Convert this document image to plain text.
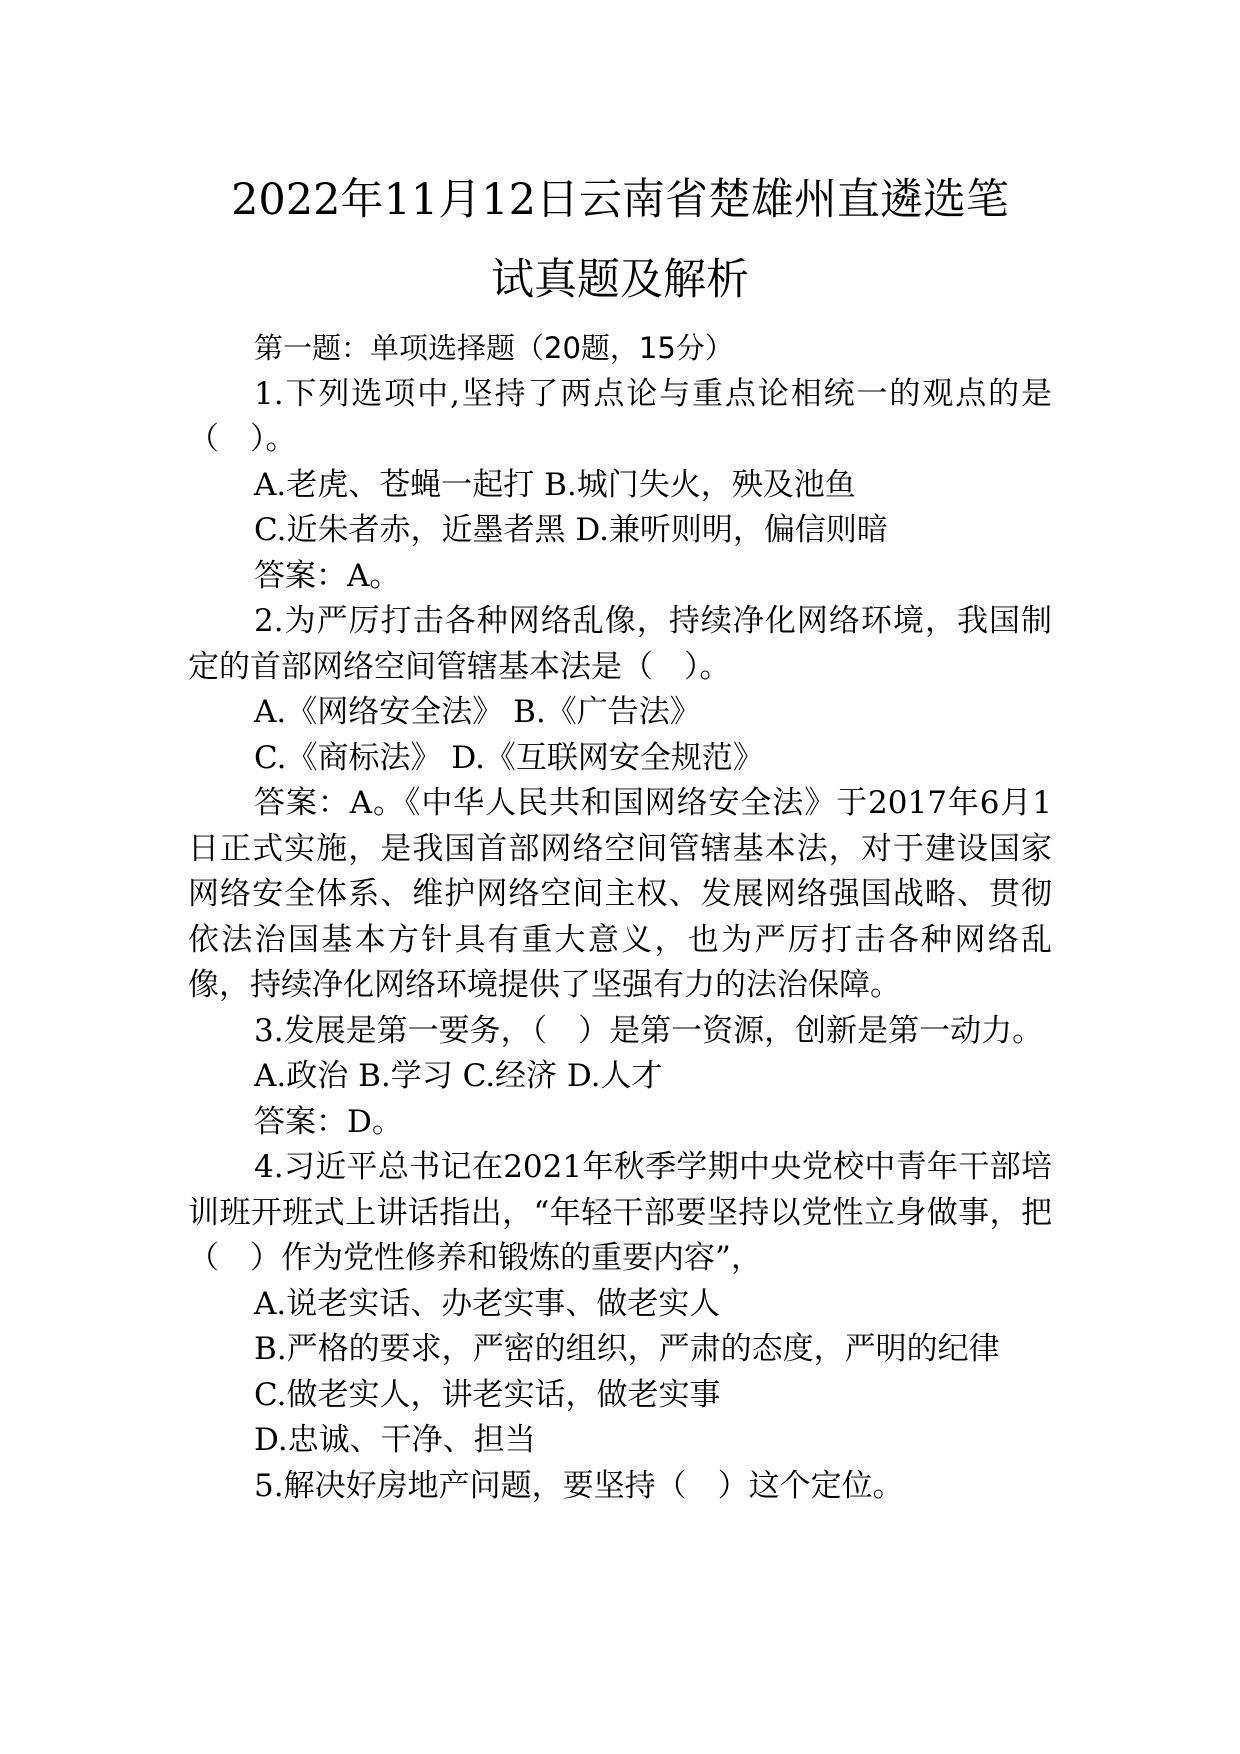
2022年11月12日云南省楚雄州直遴选笔
试真题及解析

第一题：单项选择题（20题，15分）

1.下列选项中,坚持了两点论与重点论相统一的观点的是（　）。

A.老虎、苍蝇一起打 B.城门失火，殃及池鱼

C.近朱者赤，近墨者黑 D.兼听则明，偏信则暗

答案：A。

2.为严厉打击各种网络乱像，持续净化网络环境，我国制定的首部网络空间管辖基本法是（　）。

A.《网络安全法》 B.《广告法》

C.《商标法》 D.《互联网安全规范》

答案：A。《中华人民共和国网络安全法》于2017年6月1日正式实施，是我国首部网络空间管辖基本法，对于建设国家网络安全体系、维护网络空间主权、发展网络强国战略、贯彻依法治国基本方针具有重大意义，也为严厉打击各种网络乱像，持续净化网络环境提供了坚强有力的法治保障。

3.发展是第一要务，（　）是第一资源，创新是第一动力。

A.政治 B.学习 C.经济 D.人才

答案：D。

4.习近平总书记在2021年秋季学期中央党校中青年干部培训班开班式上讲话指出，“年轻干部要坚持以党性立身做事，把（　）作为党性修养和锻炼的重要内容”，

A.说老实话、办老实事、做老实人

B.严格的要求，严密的组织，严肃的态度，严明的纪律

C.做老实人，讲老实话，做老实事

D.忠诚、干净、担当

5.解决好房地产问题，要坚持（　）这个定位。
